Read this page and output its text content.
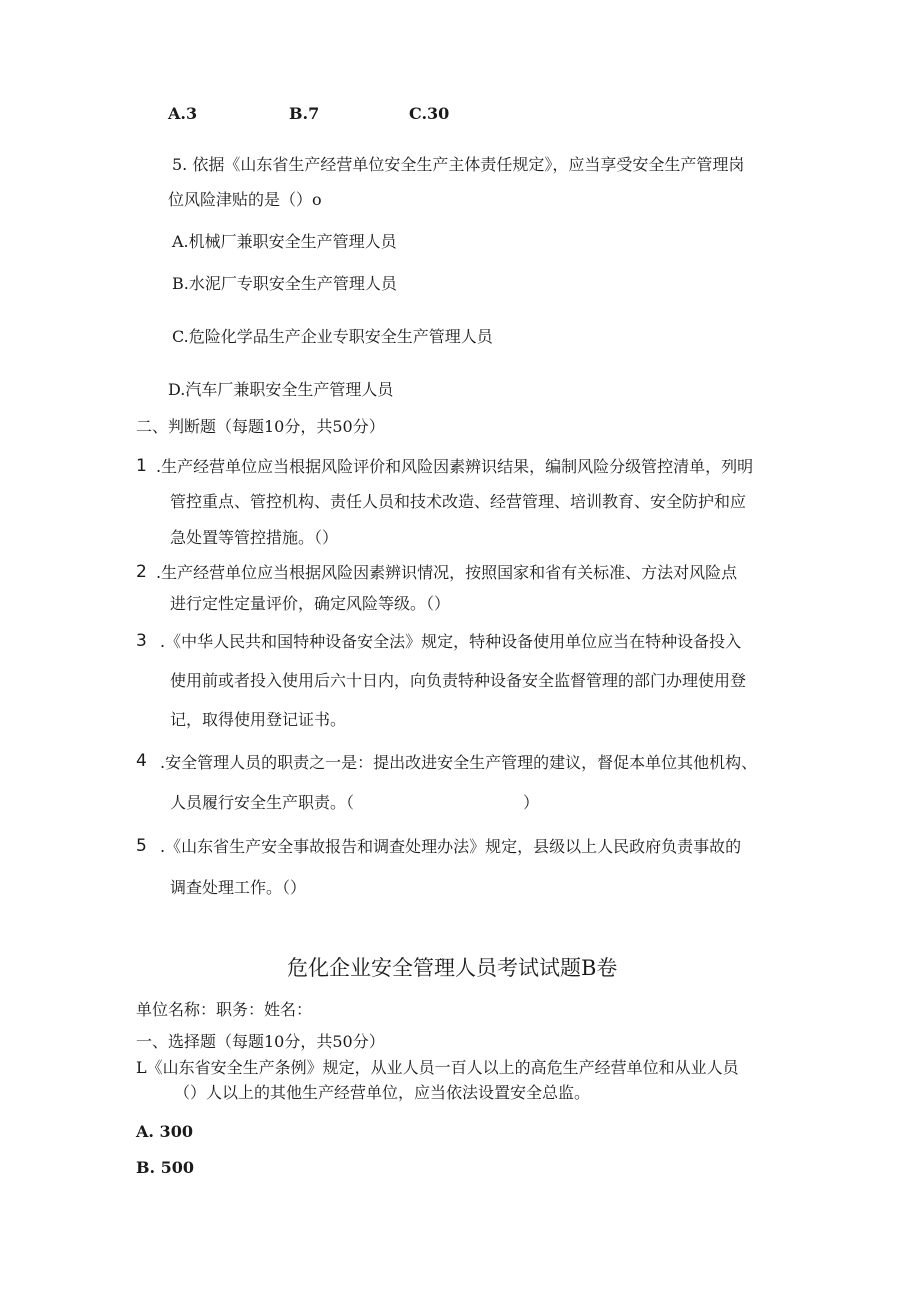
A.3	B.7	C.30
5. 依据《山东省生产经营单位安全生产主体责任规定》，应当享受安全生产管理岗
位风险津贴的是（）o
A.机械厂兼职安全生产管理人员
B.水泥厂专职安全生产管理人员
C.危险化学品生产企业专职安全生产管理人员
D.汽车厂兼职安全生产管理人员
二、判断题（每题10分，共50分）
1 .生产经营单位应当根据风险评价和风险因素辨识结果，编制风险分级管控清单，列明
管控重点、管控机构、责任人员和技术改造、经营管理、培训教育、安全防护和应
急处置等管控措施。（）
2 .生产经营单位应当根据风险因素辨识情况，按照国家和省有关标准、方法对风险点
进行定性定量评价，确定风险等级。（）
3 .《中华人民共和国特种设备安全法》规定，特种设备使用单位应当在特种设备投入
使用前或者投入使用后六十日内，向负责特种设备安全监督管理的部门办理使用登
记，取得使用登记证书。
4 .安全管理人员的职责之一是：提出改进安全生产管理的建议，督促本单位其他机构、
人员履行安全生产职责。（	）
5 .《山东省生产安全事故报告和调查处理办法》规定，县级以上人民政府负责事故的
调查处理工作。（）
危化企业安全管理人员考试试题B卷
单位名称：职务：姓名：
一、选择题（每题10分，共50分）
L《山东省安全生产条例》规定，从业人员一百人以上的高危生产经营单位和从业人员
（）人以上的其他生产经营单位，应当依法设置安全总监。
A. 300
B. 500
